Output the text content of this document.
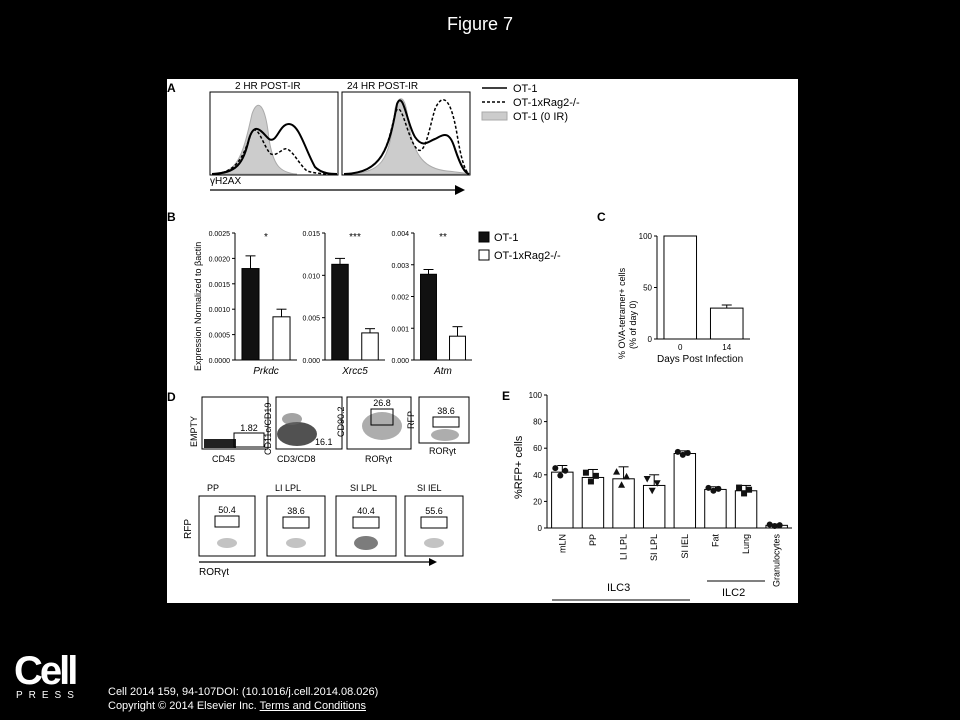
Figure 7
A	2 HR POST-IR	24 HR POST-IR
γH2AX
OT-1
OT-1xRag2-/-
OT-1 (0 IR)
B
Expression Normalized to βactin 0.0000
0.0005
0.0010
0.0015
0.0020
0.0025
Prkdc
*
0.000
0.005
0.010
0.015
Xrcc5
***
0.000
0.001
0.002
0.003
0.004
Atm
**	OT-1
OT-1xRag2-/-
C
% OVA-tetramer+ cells (% of day 0) 0
50
100
0	14
Days Post Infection
D
1.82
EMPTY
CD45
16.1
CD11c/CD19
CD3/CD8
26.8
CD90.2
RORγt
38.6
RFP
RORγt
PP
50.4
LI LPL
38.6
SI LPL
40.4
SI IEL
55.6
RFP
RORγt
E
%RFP+ cells
0
20
40
60
80
100
mLN PP LI LPL SI LPL SI IEL Fat Lung Granulocytes
ILC3	ILC2
Cell
PRESS	Cell 2014 159, 94-107DOI: (10.1016/j.cell.2014.08.026)
Copyright © 2014 Elsevier Inc. Terms and Conditions
